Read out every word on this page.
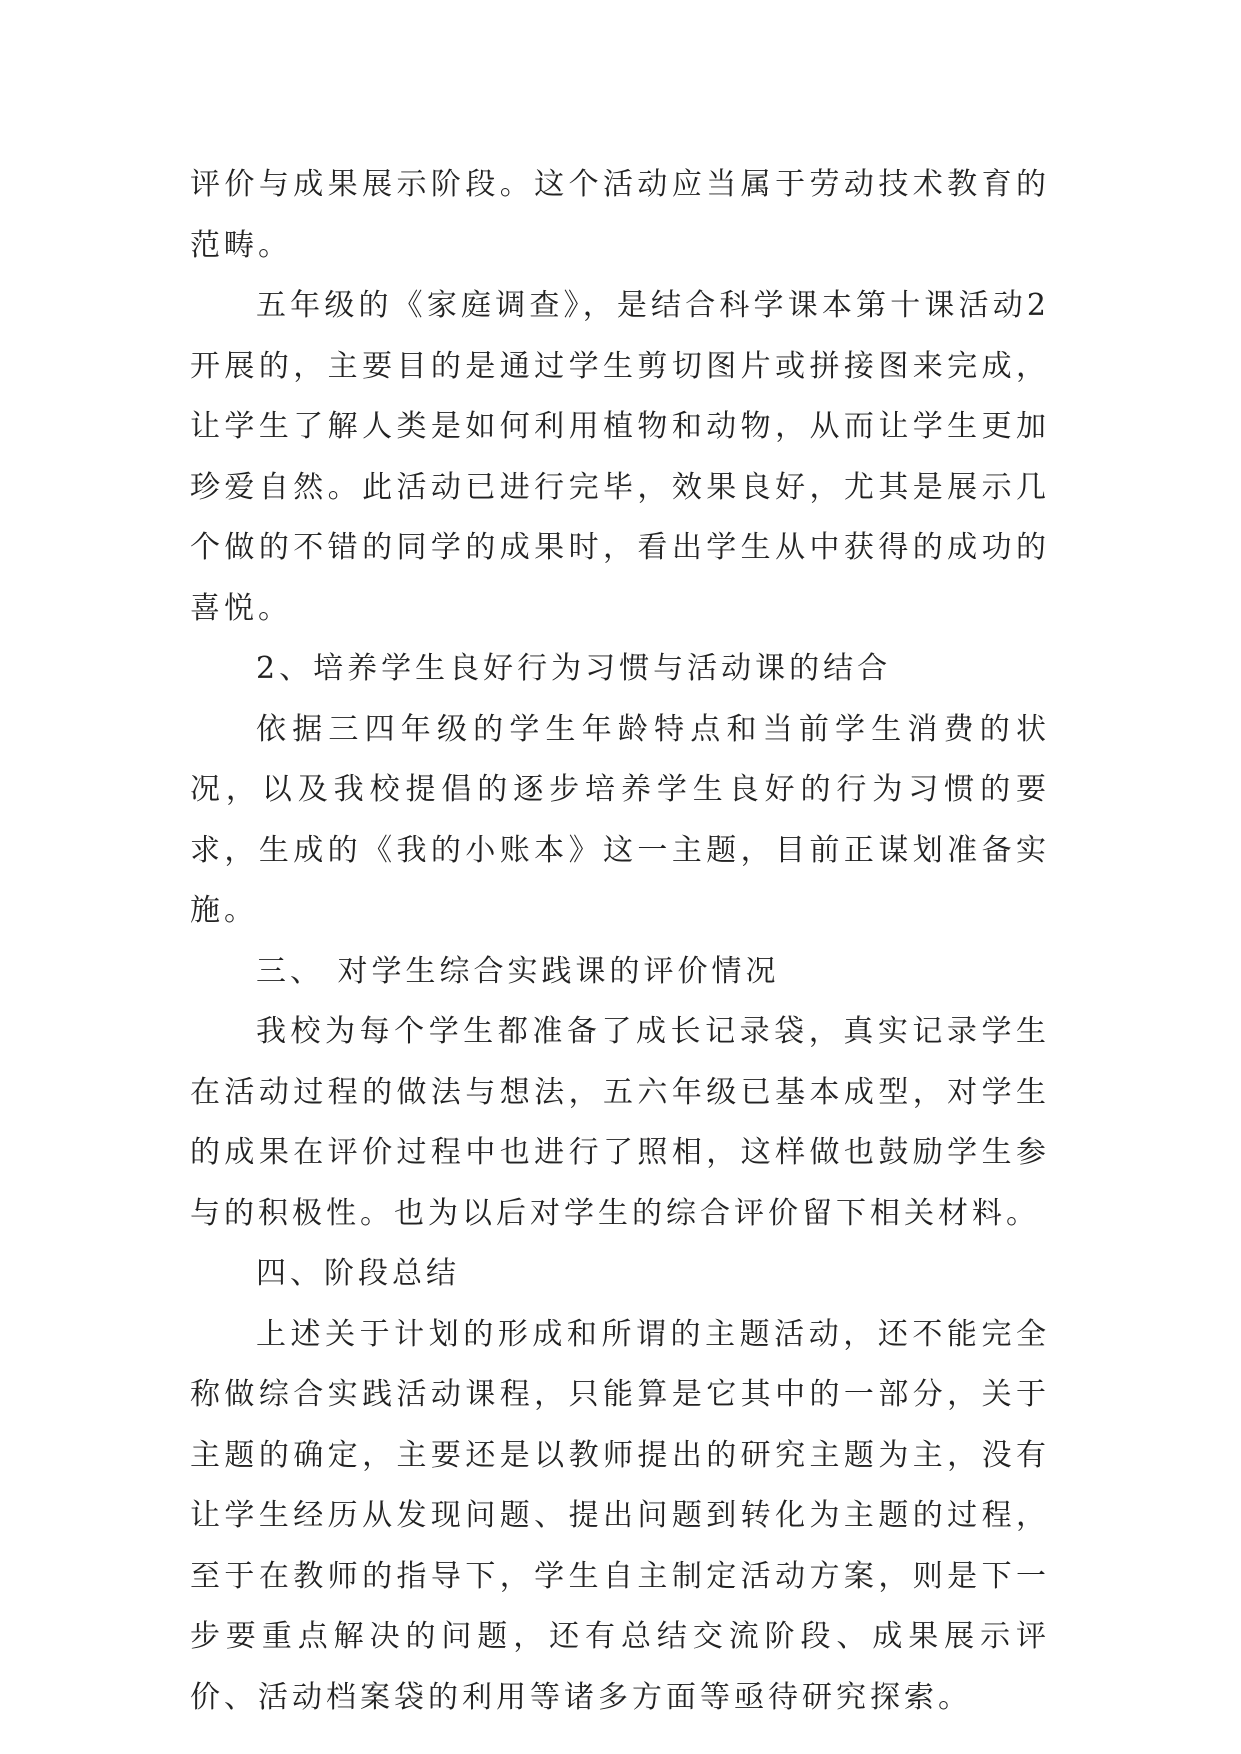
评价与成果展示阶段。这个活动应当属于劳动技术教育的范畴。

五年级的《家庭调查》，是结合科学课本第十课活动2开展的，主要目的是通过学生剪切图片或拼接图来完成，让学生了解人类是如何利用植物和动物，从而让学生更加珍爱自然。此活动已进行完毕，效果良好，尤其是展示几个做的不错的同学的成果时，看出学生从中获得的成功的喜悦。

2、培养学生良好行为习惯与活动课的结合

依据三四年级的学生年龄特点和当前学生消费的状况，以及我校提倡的逐步培养学生良好的行为习惯的要求，生成的《我的小账本》这一主题，目前正谋划准备实施。

三、 对学生综合实践课的评价情况

我校为每个学生都准备了成长记录袋，真实记录学生在活动过程的做法与想法，五六年级已基本成型，对学生的成果在评价过程中也进行了照相，这样做也鼓励学生参与的积极性。也为以后对学生的综合评价留下相关材料。

四、阶段总结

上述关于计划的形成和所谓的主题活动，还不能完全称做综合实践活动课程，只能算是它其中的一部分，关于主题的确定，主要还是以教师提出的研究主题为主，没有让学生经历从发现问题、提出问题到转化为主题的过程，至于在教师的指导下，学生自主制定活动方案，则是下一步要重点解决的问题，还有总结交流阶段、成果展示评价、活动档案袋的利用等诸多方面等亟待研究探索。
